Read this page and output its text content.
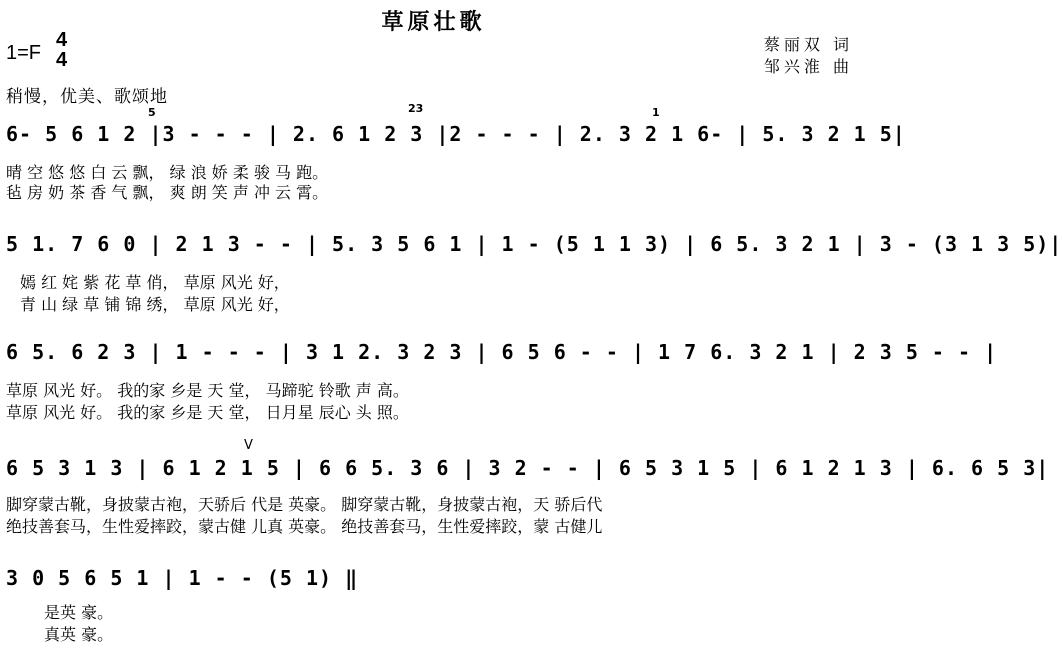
草原壮歌
1=F
4
4
蔡丽双 词
邹兴淮 曲
稍慢，优美、歌颂地
5	23	1
V
6- 5 6 1 2 |3 - - - | 2. 6 1 2 3 |2 - - - | 2. 3 2 1 6- | 5. 3 2 1 5|
晴 空 悠 悠 白 云 飘， 绿 浪 娇 柔 骏 马 跑。
毡 房 奶 茶 香 气 飘， 爽 朗 笑 声 冲 云 霄。
5 1. 7 6 0 | 2 1 3 - - | 5. 3 5 6 1 | 1 - (5 1 1 3) | 6 5. 3 2 1 | 3 - (3 1 3 5)|
嫣 红 姹 紫 花 草 俏， 草原 风光 好，
青 山 绿 草 铺 锦 绣， 草原 风光 好，
6 5. 6 2 3 | 1 - - - | 3 1 2. 3 2 3 | 6 5 6 - - | 1 7 6. 3 2 1 | 2 3 5 - - |
草原 风光 好。 我的家 乡是 天 堂， 马蹄驼 铃歌 声 高。
草原 风光 好。 我的家 乡是 天 堂， 日月星 辰心 头 照。
6 5 3 1 3 | 6 1 2 1 5 | 6 6 5. 3 6 | 3 2 - - | 6 5 3 1 5 | 6 1 2 1 3 | 6. 6 5 3|
脚穿蒙古靴，身披蒙古袍，天骄后 代是 英豪。 脚穿蒙古靴，身披蒙古袍，天 骄后代
绝技善套马，生性爱摔跤，蒙古健 儿真 英豪。 绝技善套马，生性爱摔跤，蒙 古健儿
3 0 5 6 5 1 | 1 - - (5 1) ‖
是英 豪。
真英 豪。
